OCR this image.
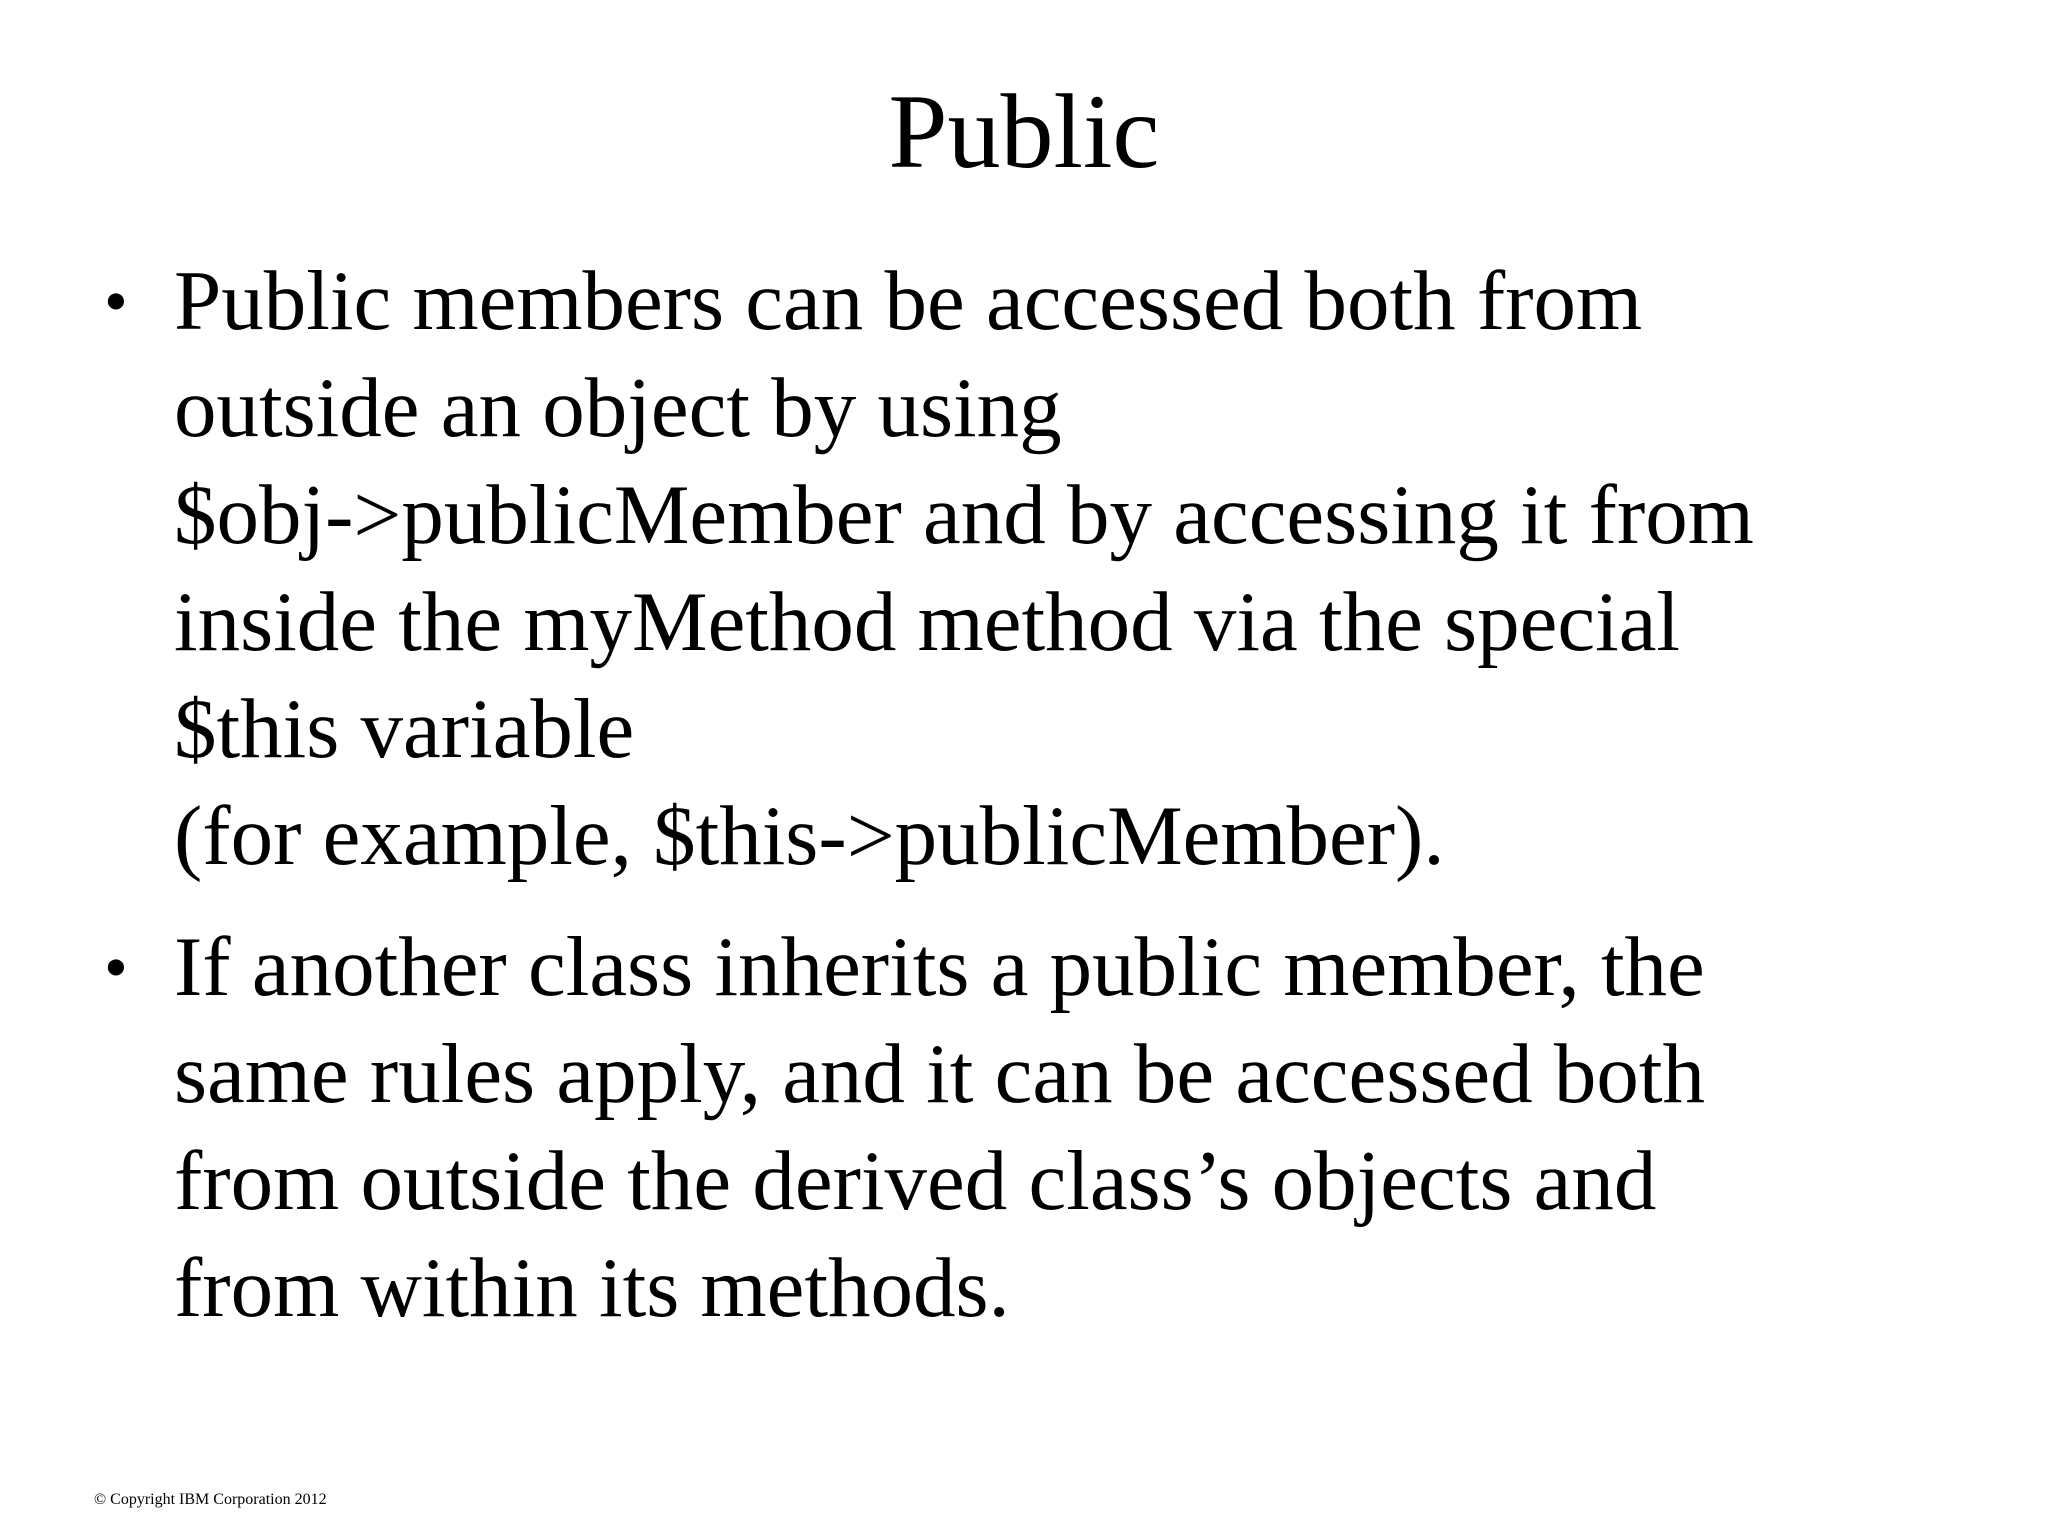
Public
• Public members can be accessed both from
outside an object by using
$obj->publicMember and by accessing it from
inside the myMethod method via the special
$this variable
(for example, $this->publicMember).
• If another class inherits a public member, the
same rules apply, and it can be accessed both
from outside the derived class’s objects and
from within its methods.
© Copyright IBM Corporation 2012
